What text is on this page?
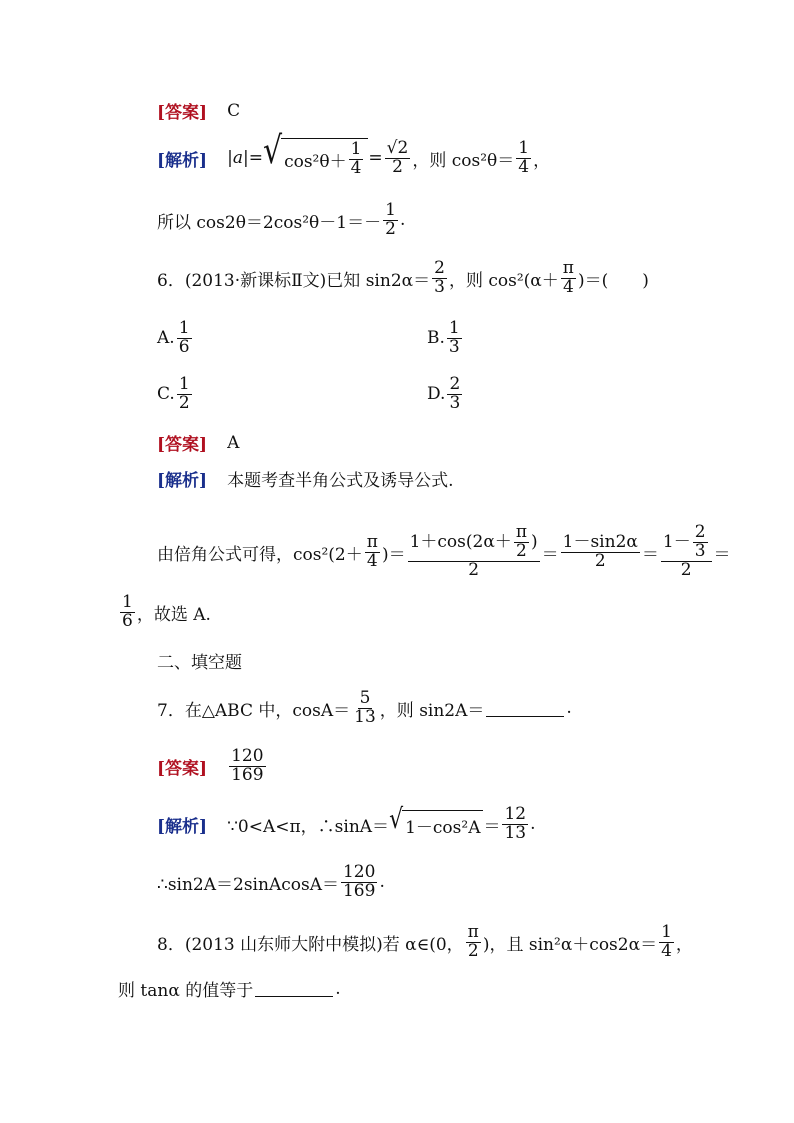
[答案] C
[解析] |a| = √ $\cos^2\theta+ \frac{1}{4} = \frac{√2}{2}$ ，则 $\cos^2\theta= \frac{1}{4}$ ，
所以 $\cos 2\theta=2\cos^2\theta-1=- \frac{1}{2}$ .
6．(2013·新课标Ⅱ文)已知 $\sin 2\alpha= \frac{2}{3}$ ，则 $\cos^2(\alpha+ \frac{\pi}{4}$ )＝(　　)
A. $\frac{1}{6}$	B. $\frac{1}{3}$
C. $\frac{1}{2}$	D. $\frac{2}{3}$
[答案] A
[解析] 本题考查半角公式及诱导公式.
由倍角公式可得，$\cos^2(2+ \frac{\pi}{4}$ )＝ $\frac{1+\cos(2\alpha+ \frac{\pi}{2} )}{2} = \frac{1-\sin 2\alpha}{2} = \frac{1- \frac{2}{3}}{2}$ ＝
$\frac{1}{6}$ ，故选 A.
二、填空题
7．在△ABC 中，$\cos A= \frac{5}{13}$ ，则 sin2A＝	.
[答案] $\frac{120}{169}$
[解析] ∵0<A<π，∴sinA＝ √ $1-\cos^2A = \frac{12}{13}$ .
∴sin2A＝2sinAcosA＝ $\frac{120}{169}$ .
8．(2013 山东师大附中模拟)若 α∈(0， $\frac{\pi}{2}$ )，且 $\sin^2\alpha+\cos 2\alpha= \frac{1}{4}$ ，
则 tanα 的值等于	.
